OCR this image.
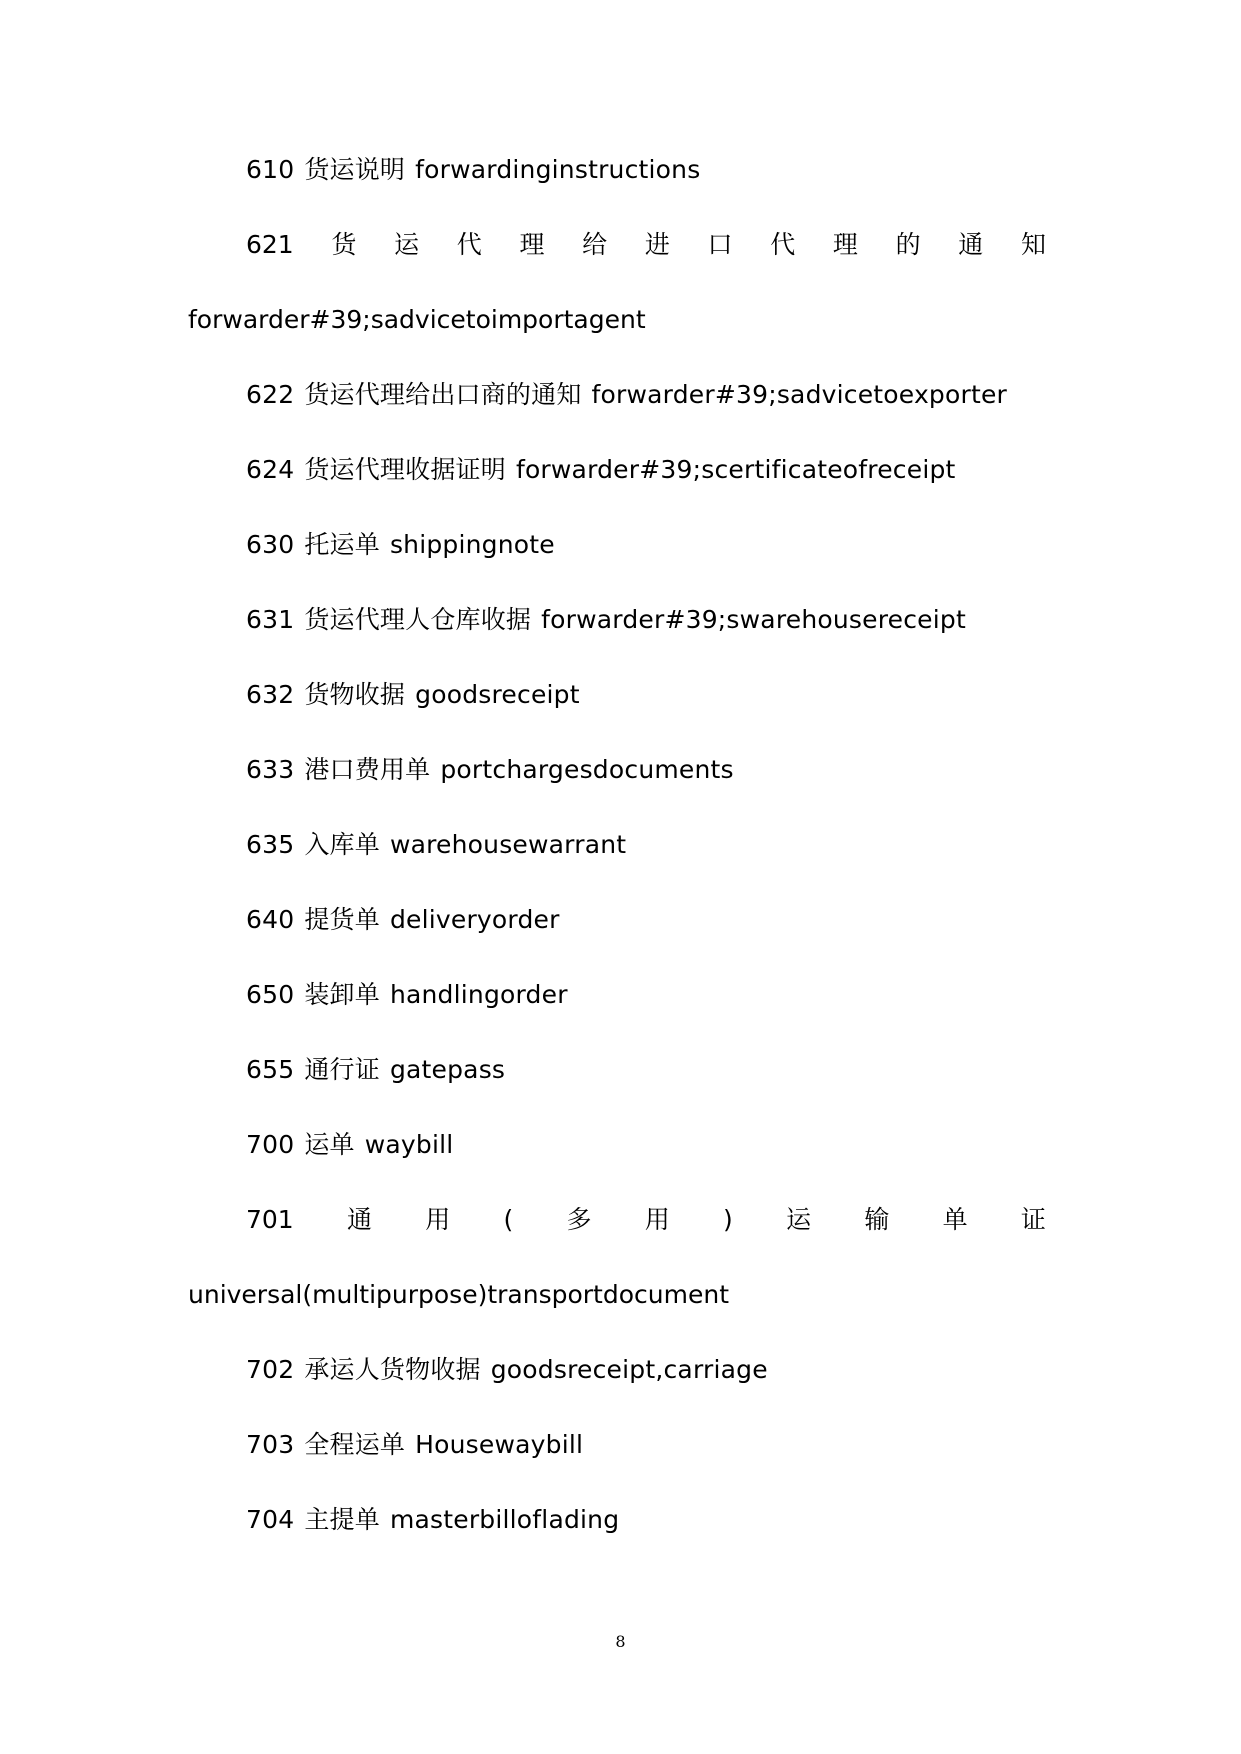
610 货运说明 forwardinginstructions
621 货 运 代 理 给 进 口 代 理 的 通 知
forwarder#39;sadvicetoimportagent
622 货运代理给出口商的通知 forwarder#39;sadvicetoexporter
624 货运代理收据证明 forwarder#39;scertificateofreceipt
630 托运单 shippingnote
631 货运代理人仓库收据 forwarder#39;swarehousereceipt
632 货物收据 goodsreceipt
633 港口费用单 portchargesdocuments
635 入库单 warehousewarrant
640 提货单 deliveryorder
650 装卸单 handlingorder
655 通行证 gatepass
700 运单 waybill
701 通 用 ( 多 用 ) 运 输 单 证
universal(multipurpose)transportdocument
702 承运人货物收据 goodsreceipt,carriage
703 全程运单 Housewaybill
704 主提单 masterbilloflading
8
